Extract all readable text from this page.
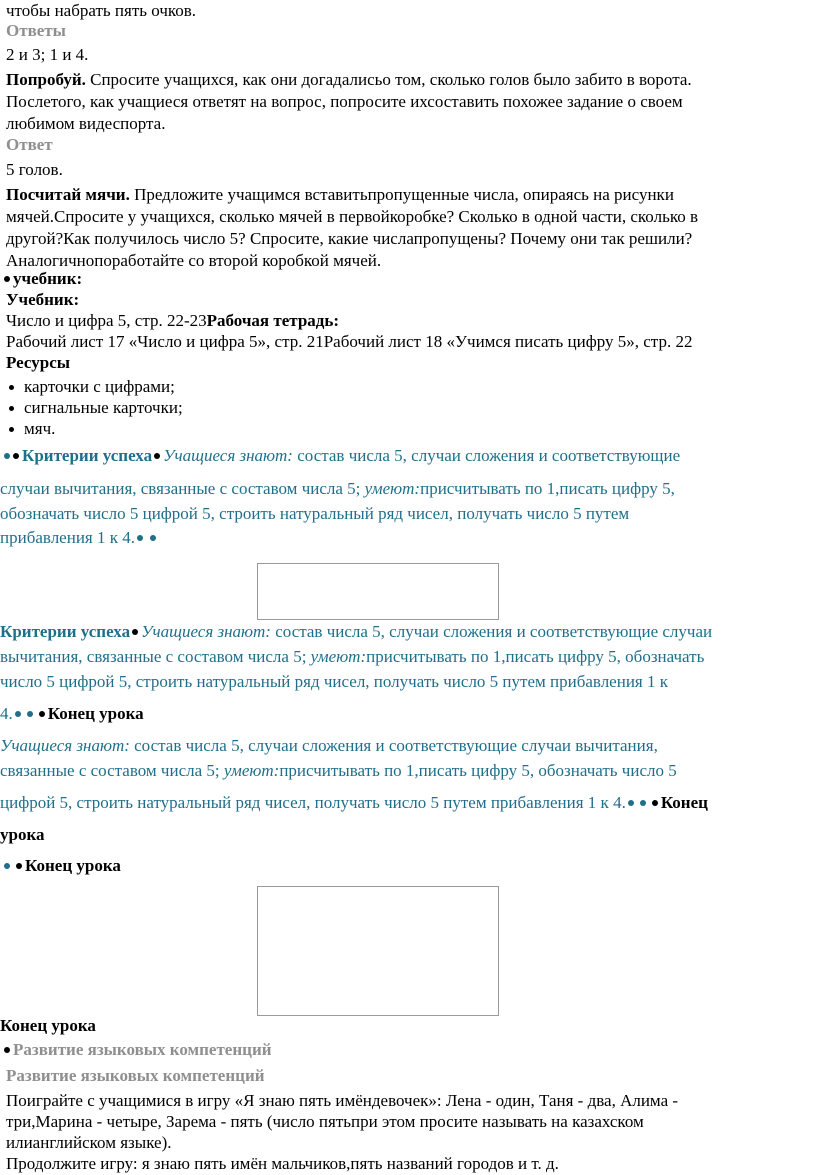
чтобы набрать пять очков.
Ответы
2 и 3; 1 и 4.
Попробуй. Спросите учащихся, как они догадалисьо том, сколько голов было забито в ворота.
Послетого, как учащиеся ответят на вопрос, попросите ихсоставить похожее задание о своем
любимом видеспорта.
Ответ
5 голов.
Посчитай мячи. Предложите учащимся вставитьпропущенные числа, опираясь на рисунки
мячей.Спросите у учащихся, сколько мячей в первойкоробке? Сколько в одной части, сколько в
другой?Как получилось число 5? Спросите, какие числапропущены? Почему они так решили?
Аналогичнопоработайте со второй коробкой мячей.
учебник:
Учебник:
Число и цифра 5, стр. 22-23Рабочая тетрадь:
Рабочий лист 17 «Число и цифра 5», стр. 21Рабочий лист 18 «Учимся писать цифру 5», стр. 22
Ресурсы
карточки с цифрами;
сигнальные карточки;
мяч.
Критерии успеха Учащиеся знают: состав числа 5, случаи сложения и соответствующие
случаи вычитания, связанные с составом числа 5; умеют:присчитывать по 1,писать цифру 5,
обозначать число 5 цифрой 5, строить натуральный ряд чисел, получать число 5 путем
прибавления 1 к 4.
Критерии успеха Учащиеся знают: состав числа 5, случаи сложения и соответствующие случаи
вычитания, связанные с составом числа 5; умеют:присчитывать по 1,писать цифру 5, обозначать
число 5 цифрой 5, строить натуральный ряд чисел, получать число 5 путем прибавления 1 к
4. Конец урока
Учащиеся знают: состав числа 5, случаи сложения и соответствующие случаи вычитания,
связанные с составом числа 5; умеют:присчитывать по 1,писать цифру 5, обозначать число 5
цифрой 5, строить натуральный ряд чисел, получать число 5 путем прибавления 1 к 4. Конец
урока
Конец урока
Конец урока
Развитие языковых компетенций
Развитие языковых компетенций
Поиграйте с учащимися в игру «Я знаю пять имёндевочек»: Лена - один, Таня - два, Алима -
три,Марина - четыре, Зарема - пять (число пятьпри этом просите называть на казахском
илианглийском языке).
Продолжите игру: я знаю пять имён мальчиков,пять названий городов и т. д.
